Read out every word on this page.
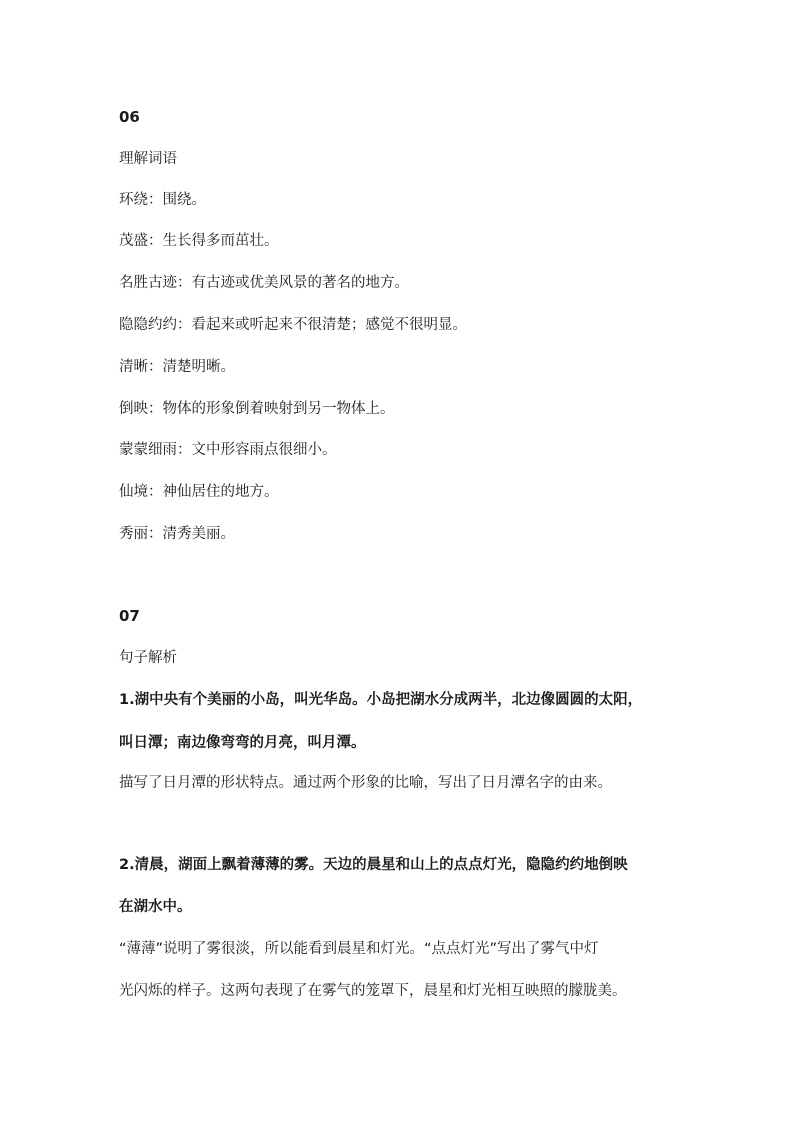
06
理解词语
环绕：围绕。
茂盛：生长得多而茁壮。
名胜古迹：有古迹或优美风景的著名的地方。
隐隐约约：看起来或听起来不很清楚；感觉不很明显。
清晰：清楚明晰。
倒映：物体的形象倒着映射到另一物体上。
蒙蒙细雨：文中形容雨点很细小。
仙境：神仙居住的地方。
秀丽：清秀美丽。
07
句子解析
1.湖中央有个美丽的小岛，叫光华岛。小岛把湖水分成两半，北边像圆圆的太阳，
叫日潭；南边像弯弯的月亮，叫月潭。
描写了日月潭的形状特点。通过两个形象的比喻，写出了日月潭名字的由来。
2.清晨，湖面上飘着薄薄的雾。天边的晨星和山上的点点灯光，隐隐约约地倒映
在湖水中。
“薄薄”说明了雾很淡，所以能看到晨星和灯光。“点点灯光”写出了雾气中灯
光闪烁的样子。这两句表现了在雾气的笼罩下，晨星和灯光相互映照的朦胧美。
